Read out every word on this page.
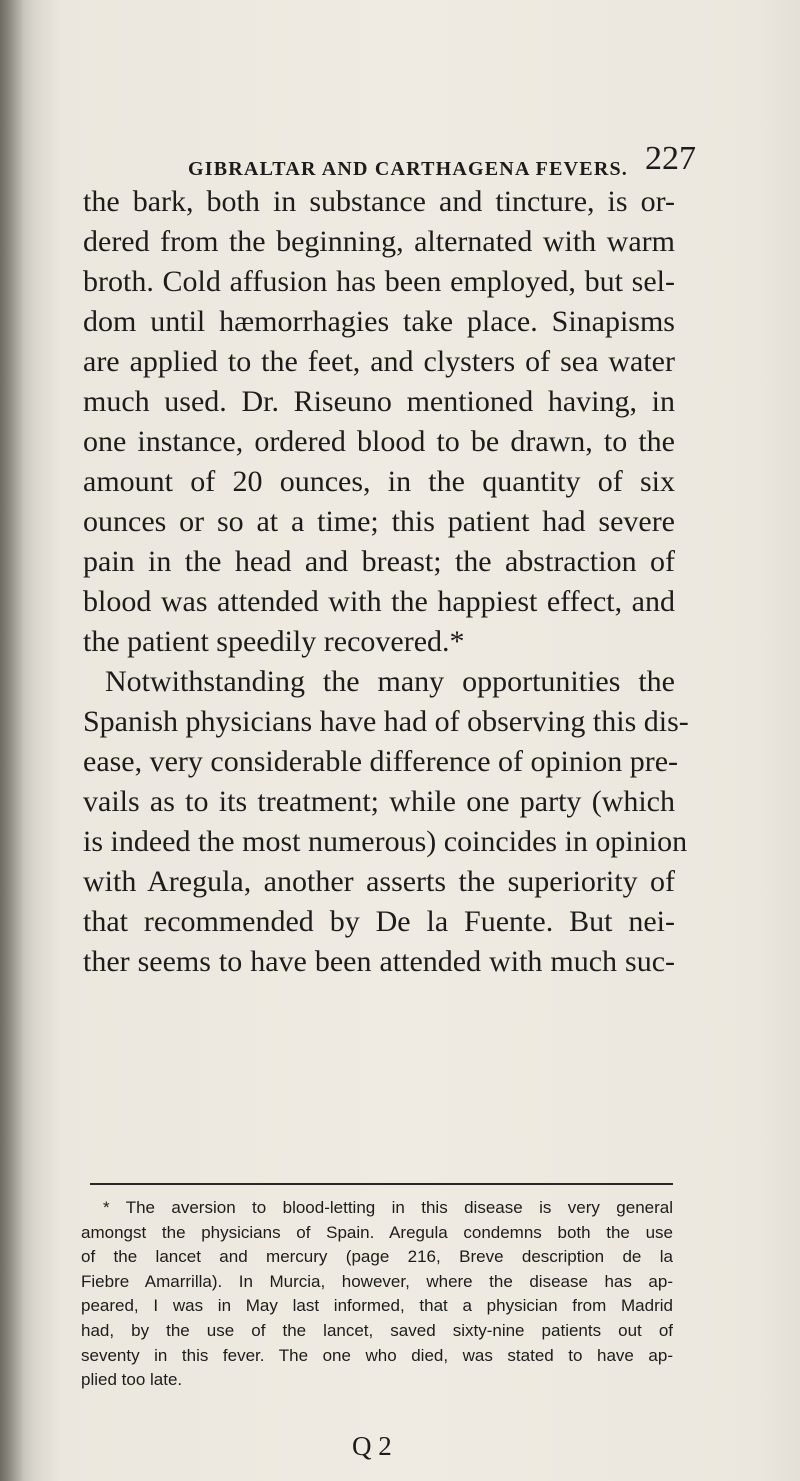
GIBRALTAR AND CARTHAGENA FEVERS. 227
the bark, both in substance and tincture, is or-
dered from the beginning, alternated with warm
broth. Cold affusion has been employed, but sel-
dom until hæmorrhagies take place. Sinapisms
are applied to the feet, and clysters of sea water
much used. Dr. Riseuno mentioned having, in
one instance, ordered blood to be drawn, to the
amount of 20 ounces, in the quantity of six
ounces or so at a time; this patient had severe
pain in the head and breast; the abstraction of
blood was attended with the happiest effect, and
the patient speedily recovered.*
Notwithstanding the many opportunities the
Spanish physicians have had of observing this dis-
ease, very considerable difference of opinion pre-
vails as to its treatment; while one party (which
is indeed the most numerous) coincides in opinion
with Aregula, another asserts the superiority of
that recommended by De la Fuente. But nei-
ther seems to have been attended with much suc-
* The aversion to blood-letting in this disease is very general
amongst the physicians of Spain. Aregula condemns both the use
of the lancet and mercury (page 216, Breve description de la
Fiebre Amarrilla). In Murcia, however, where the disease has ap-
peared, I was in May last informed, that a physician from Madrid
had, by the use of the lancet, saved sixty-nine patients out of
seventy in this fever. The one who died, was stated to have ap-
plied too late.
Q 2
